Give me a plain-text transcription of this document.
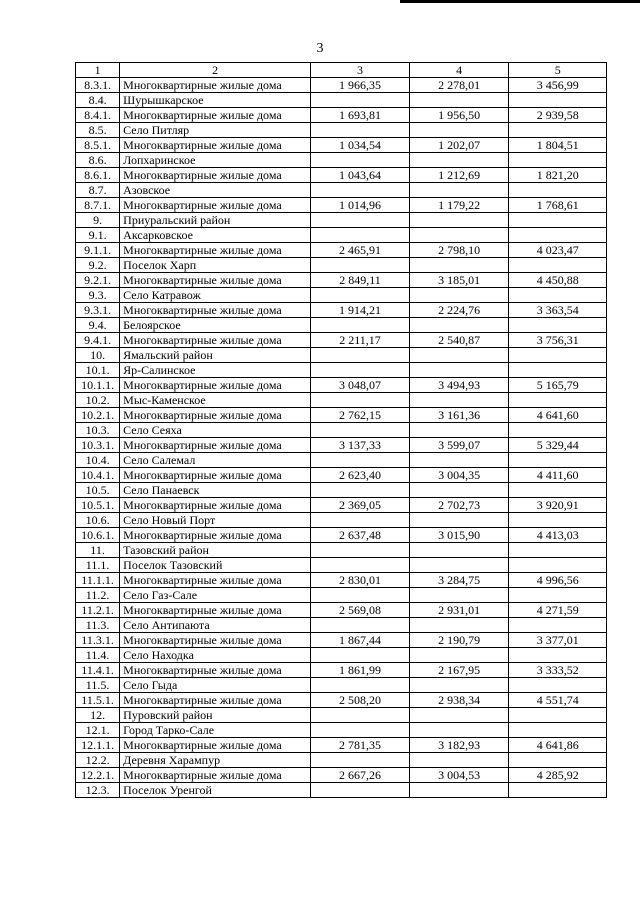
3
1	2	3	4	5
8.3.1.	Многоквартирные жилые дома	1 966,35	2 278,01	3 456,99
8.4.	Шурышкарское			
8.4.1.	Многоквартирные жилые дома	1 693,81	1 956,50	2 939,58
8.5.	Село Питляр			
8.5.1.	Многоквартирные жилые дома	1 034,54	1 202,07	1 804,51
8.6.	Лопхаринское			
8.6.1.	Многоквартирные жилые дома	1 043,64	1 212,69	1 821,20
8.7.	Азовское			
8.7.1.	Многоквартирные жилые дома	1 014,96	1 179,22	1 768,61
9.	Приуральский район			
9.1.	Аксарковское			
9.1.1.	Многоквартирные жилые дома	2 465,91	2 798,10	4 023,47
9.2.	Поселок Харп			
9.2.1.	Многоквартирные жилые дома	2 849,11	3 185,01	4 450,88
9.3.	Село Катравож			
9.3.1.	Многоквартирные жилые дома	1 914,21	2 224,76	3 363,54
9.4.	Белоярское			
9.4.1.	Многоквартирные жилые дома	2 211,17	2 540,87	3 756,31
10.	Ямальский район			
10.1.	Яр-Салинское			
10.1.1.	Многоквартирные жилые дома	3 048,07	3 494,93	5 165,79
10.2.	Мыс-Каменское			
10.2.1.	Многоквартирные жилые дома	2 762,15	3 161,36	4 641,60
10.3.	Село Сеяха			
10.3.1.	Многоквартирные жилые дома	3 137,33	3 599,07	5 329,44
10.4.	Село Салемал			
10.4.1.	Многоквартирные жилые дома	2 623,40	3 004,35	4 411,60
10.5.	Село Панаевск			
10.5.1.	Многоквартирные жилые дома	2 369,05	2 702,73	3 920,91
10.6.	Село Новый Порт			
10.6.1.	Многоквартирные жилые дома	2 637,48	3 015,90	4 413,03
11.	Тазовский район			
11.1.	Поселок Тазовский			
11.1.1.	Многоквартирные жилые дома	2 830,01	3 284,75	4 996,56
11.2.	Село Газ-Сале			
11.2.1.	Многоквартирные жилые дома	2 569,08	2 931,01	4 271,59
11.3.	Село Антипаюта			
11.3.1.	Многоквартирные жилые дома	1 867,44	2 190,79	3 377,01
11.4.	Село Находка			
11.4.1.	Многоквартирные жилые дома	1 861,99	2 167,95	3 333,52
11.5.	Село Гыда			
11.5.1.	Многоквартирные жилые дома	2 508,20	2 938,34	4 551,74
12.	Пуровский район			
12.1.	Город Тарко-Сале			
12.1.1.	Многоквартирные жилые дома	2 781,35	3 182,93	4 641,86
12.2.	Деревня Харампур			
12.2.1.	Многоквартирные жилые дома	2 667,26	3 004,53	4 285,92
12.3.	Поселок Уренгой			
